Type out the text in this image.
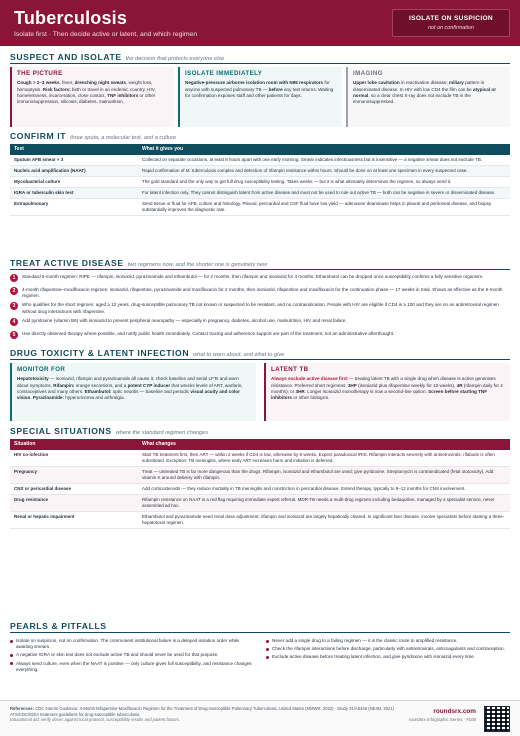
Tuberculosis
Isolate first · Then decide active or latent, and which regimen
ISOLATE ON SUSPICION
not on confirmation
SUSPECT AND ISOLATE the decision that protects everyone else
THE PICTURE

Cough > 2–3 weeks, fever, drenching night sweats, weight loss, hemoptysis. Risk factors: birth or travel in an endemic country, HIV, homelessness, incarceration, close contact, TNF inhibitors or other immunosuppression, silicosis, diabetes, malnutrition.

ISOLATE IMMEDIATELY

Negative-pressure airborne isolation room with N95 respirators for anyone with suspected pulmonary TB — before any test returns. Waiting for confirmation exposes staff and other patients for days.

IMAGING

Upper lobe cavitation in reactivation disease; miliary pattern in disseminated disease. In HIV with low CD4 the film can be atypical or normal, so a clear chest X-ray does not exclude TB in the immunosuppressed.

CONFIRM IT three sputa, a molecular test, and a culture
Test	What it gives you
Sputum AFB smear × 3	Collected on separate occasions, at least 8 hours apart with one early morning. Smear indicates infectiousness but is insensitive — a negative smear does not exclude TB.
Nucleic acid amplification (NAAT)	Rapid confirmation of M. tuberculosis complex and detection of rifampin resistance within hours. Should be done on at least one specimen in every suspected case.
Mycobacterial culture	The gold standard and the only way to get full drug susceptibility testing. Takes weeks — but it is what ultimately determines the regimen, so always send it.
IGRA or tuberculin skin test	For latent infection only. They cannot distinguish latent from active disease and must not be used to rule out active TB — both can be negative in severe or disseminated disease.
Extrapulmonary	Send tissue or fluid for AFB, culture and histology. Pleural, pericardial and CSF fluid have low yield — adenosine deaminase helps in pleural and peritoneal disease, and biopsy substantially improves the diagnostic rate.
TREAT ACTIVE DISEASE two regimens now, and the shorter one is genuinely new
1	Standard 6-month regimen: RIPE — rifampin, isoniazid, pyrazinamide and ethambutol — for 2 months, then rifampin and isoniazid for 4 months. Ethambutol can be dropped once susceptibility confirms a fully sensitive organism.
2	4-month rifapentine–moxifloxacin regimen: isoniazid, rifapentine, pyrazinamide and moxifloxacin for 2 months, then isoniazid, rifapentine and moxifloxacin for the continuation phase — 17 weeks in total. Shown as effective as the 6-month regimen.
3	Who qualifies for the short regimen: aged ≥ 12 years, drug-susceptible pulmonary TB not known or suspected to be resistant, and no contraindication. People with HIV are eligible if CD4 is ≥ 100 and they are on an antiretroviral regimen without drug interactions with rifapentine.
4	Add pyridoxine (vitamin B6) with isoniazid to prevent peripheral neuropathy — especially in pregnancy, diabetes, alcohol use, malnutrition, HIV and renal failure.
5	Use directly observed therapy where possible, and notify public health immediately. Contact tracing and adherence support are part of the treatment, not an administrative afterthought.
DRUG TOXICITY & LATENT INFECTION what to warn about, and what to give
MONITOR FOR

Hepatotoxicity — isoniazid, rifampin and pyrazinamide all cause it; check baseline and serial LFTs and warn about symptoms. Rifampin: orange secretions, and a potent CYP inducer that wrecks levels of ART, warfarin, contraceptives and many others. Ethambutol: optic neuritis — baseline and periodic visual acuity and color vision. Pyrazinamide: hyperuricemia and arthralgia.

LATENT TB

Always exclude active disease first — treating latent TB with a single drug when disease is active generates resistance. Preferred short regimens: 3HP (isoniazid plus rifapentine weekly for 12 weeks), 4R (rifampin daily for 4 months), or 3HR. Longer isoniazid monotherapy is now a second-line option. Screen before starting TNF inhibitors or other biologics.

SPECIAL SITUATIONS where the standard regimen changes
Situation	What changes
HIV co-infection	Start TB treatment first, then ART — within 2 weeks if CD4 is low, otherwise by 8 weeks. Expect paradoxical IRIS. Rifampin interacts severely with antiretrovirals; rifabutin is often substituted. Exception: TB meningitis, where early ART increases harm and initiation is deferred.
Pregnancy	Treat — untreated TB is far more dangerous than the drugs. Rifampin, isoniazid and ethambutol are used; give pyridoxine. Streptomycin is contraindicated (fetal ototoxicity). Add vitamin K around delivery with rifampin.
CNS or pericardial disease	Add corticosteroids — they reduce mortality in TB meningitis and constriction in pericardial disease. Extend therapy, typically to 9–12 months for CNS involvement.
Drug resistance	Rifampin resistance on NAAT is a red flag requiring immediate expert referral. MDR-TB needs a multi-drug regimen including bedaquiline, managed by a specialist service, never assembled ad hoc.
Renal or hepatic impairment	Ethambutol and pyrazinamide need renal dose adjustment; rifampin and isoniazid are largely hepatically cleared. In significant liver disease, involve specialists before starting a three-hepatotoxin regimen.
PEARLS & PITFALLS
Isolate on suspicion, not on confirmation. The commonest institutional failure is a delayed isolation order while awaiting smears.
A negative IGRA or skin test does not exclude active TB and should never be used for that purpose.
Always send culture, even when the NAAT is positive — only culture gives full susceptibility, and resistance changes everything.
Never add a single drug to a failing regimen — it is the classic route to amplified resistance.
Check the rifampin interactions before discharge, particularly with antiretrovirals, anticoagulants and contraception.
Exclude active disease before treating latent infection, and give pyridoxine with isoniazid every time.
References: CDC Interim Guidance: 4-Month Rifapentine-Moxifloxacin Regimen for the Treatment of Drug-Susceptible Pulmonary Tuberculosis, United States (MMWR, 2022) · Study 31/A5349 (NEJM, 2021) · ATS/CDC/IDSA treatment guidelines for drug-susceptible tuberculosis.
Educational aid; verify doses against local protocol, susceptibility results and patient factors.
roundsrx.com
roundsrx Infographic Series · #108
